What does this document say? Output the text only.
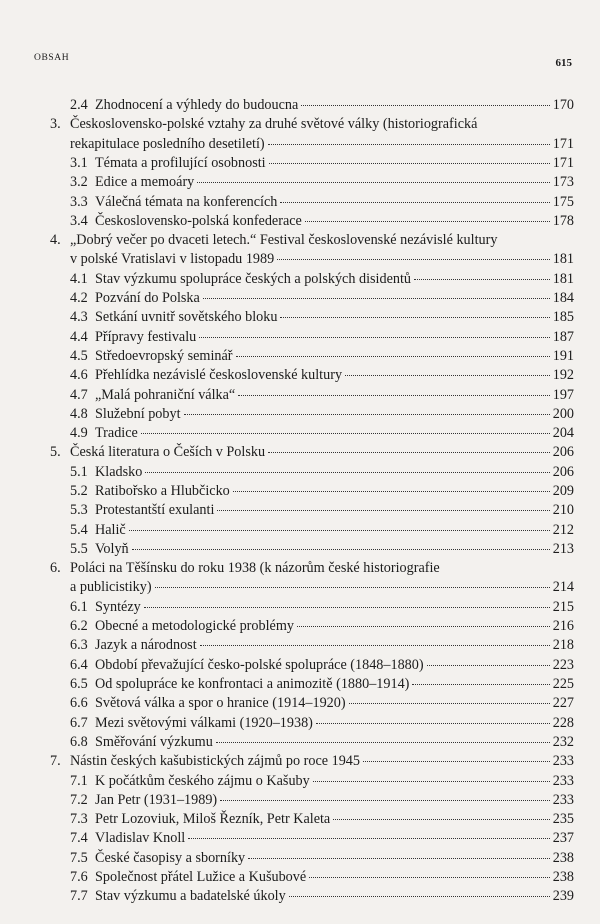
OBSAH	615
2.4 Zhodnocení a výhledy do budoucna	170
3. Československo-polské vztahy za druhé světové války (historiografická
rekapitulace posledního desetiletí)	171
3.1 Témata a profilující osobnosti	171
3.2 Edice a memoáry	173
3.3 Válečná témata na konferencích	175
3.4 Československo-polská konfederace	178
4. „Dobrý večer po dvaceti letech.“ Festival československé nezávislé kultury
v polské Vratislavi v listopadu 1989	181
4.1 Stav výzkumu spolupráce českých a polských disidentů	181
4.2 Pozvání do Polska	184
4.3 Setkání uvnitř sovětského bloku	185
4.4 Přípravy festivalu	187
4.5 Středoevropský seminář	191
4.6 Přehlídka nezávislé československé kultury	192
4.7 „Malá pohraniční válka“	197
4.8 Služební pobyt	200
4.9 Tradice	204
5. Česká literatura o Češích v Polsku	206
5.1 Kladsko	206
5.2 Ratibořsko a Hlubčicko	209
5.3 Protestantští exulanti	210
5.4 Halič	212
5.5 Volyň	213
6. Poláci na Těšínsku do roku 1938 (k názorům české historiografie
a publicistiky)	214
6.1 Syntézy	215
6.2 Obecné a metodologické problémy	216
6.3 Jazyk a národnost	218
6.4 Období převažující česko-polské spolupráce (1848–1880)	223
6.5 Od spolupráce ke konfrontaci a animozitě (1880–1914)	225
6.6 Světová válka a spor o hranice (1914–1920)	227
6.7 Mezi světovými válkami (1920–1938)	228
6.8 Směřování výzkumu	232
7. Nástin českých kašubistických zájmů po roce 1945	233
7.1 K počátkům českého zájmu o Kašuby	233
7.2 Jan Petr (1931–1989)	233
7.3 Petr Lozoviuk, Miloš Řezník, Petr Kaleta	235
7.4 Vladislav Knoll	237
7.5 České časopisy a sborníky	238
7.6 Společnost přátel Lužice a Kušubové	238
7.7 Stav výzkumu a badatelské úkoly	239
